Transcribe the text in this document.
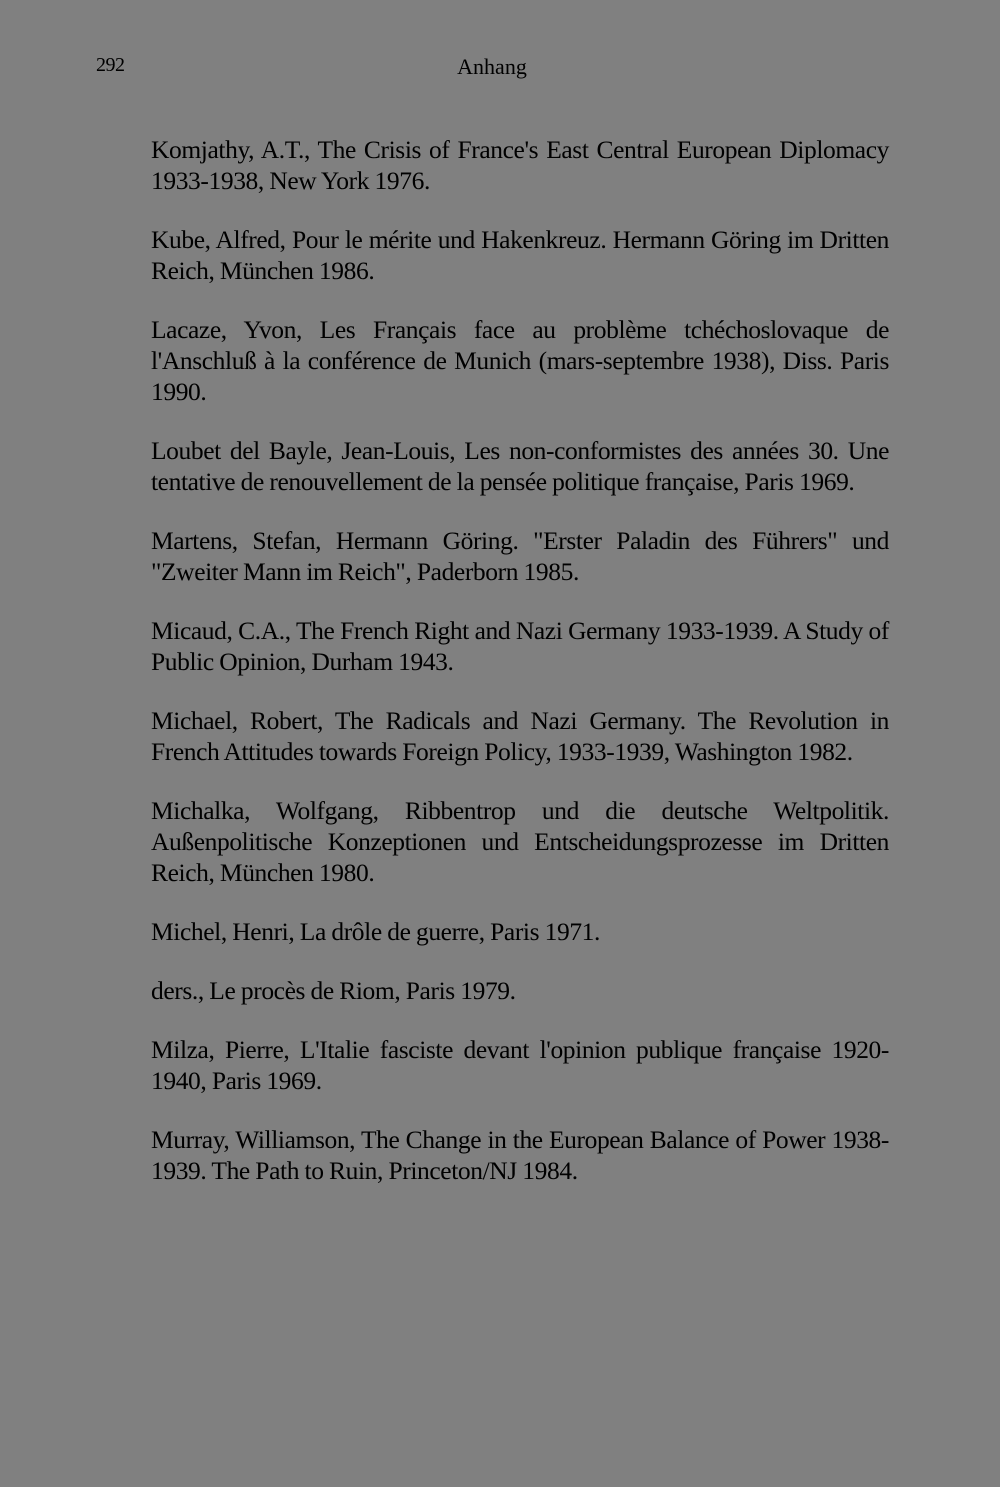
292	Anhang

Komjathy, A.T., The Crisis of France's East Central European Diplomacy 1933-1938, New York 1976.

Kube, Alfred, Pour le mérite und Hakenkreuz. Hermann Göring im Dritten Reich, München 1986.

Lacaze, Yvon, Les Français face au problème tchéchoslovaque de l'Anschluß à la conférence de Munich (mars-septembre 1938), Diss. Paris 1990.

Loubet del Bayle, Jean-Louis, Les non-conformistes des années 30. Une tentative de renouvellement de la pensée politique française, Paris 1969.

Martens, Stefan, Hermann Göring. "Erster Paladin des Führers" und "Zweiter Mann im Reich", Paderborn 1985.

Micaud, C.A., The French Right and Nazi Germany 1933-1939. A Study of Public Opinion, Durham 1943.

Michael, Robert, The Radicals and Nazi Germany. The Revolution in French Attitudes towards Foreign Policy, 1933-1939, Washington 1982.

Michalka, Wolfgang, Ribbentrop und die deutsche Weltpolitik. Außenpolitische Konzeptionen und Entscheidungsprozesse im Dritten Reich, München 1980.

Michel, Henri, La drôle de guerre, Paris 1971.

ders., Le procès de Riom, Paris 1979.

Milza, Pierre, L'Italie fasciste devant l'opinion publique française 1920-1940, Paris 1969.

Murray, Williamson, The Change in the European Balance of Power 1938-1939. The Path to Ruin, Princeton/NJ 1984.
